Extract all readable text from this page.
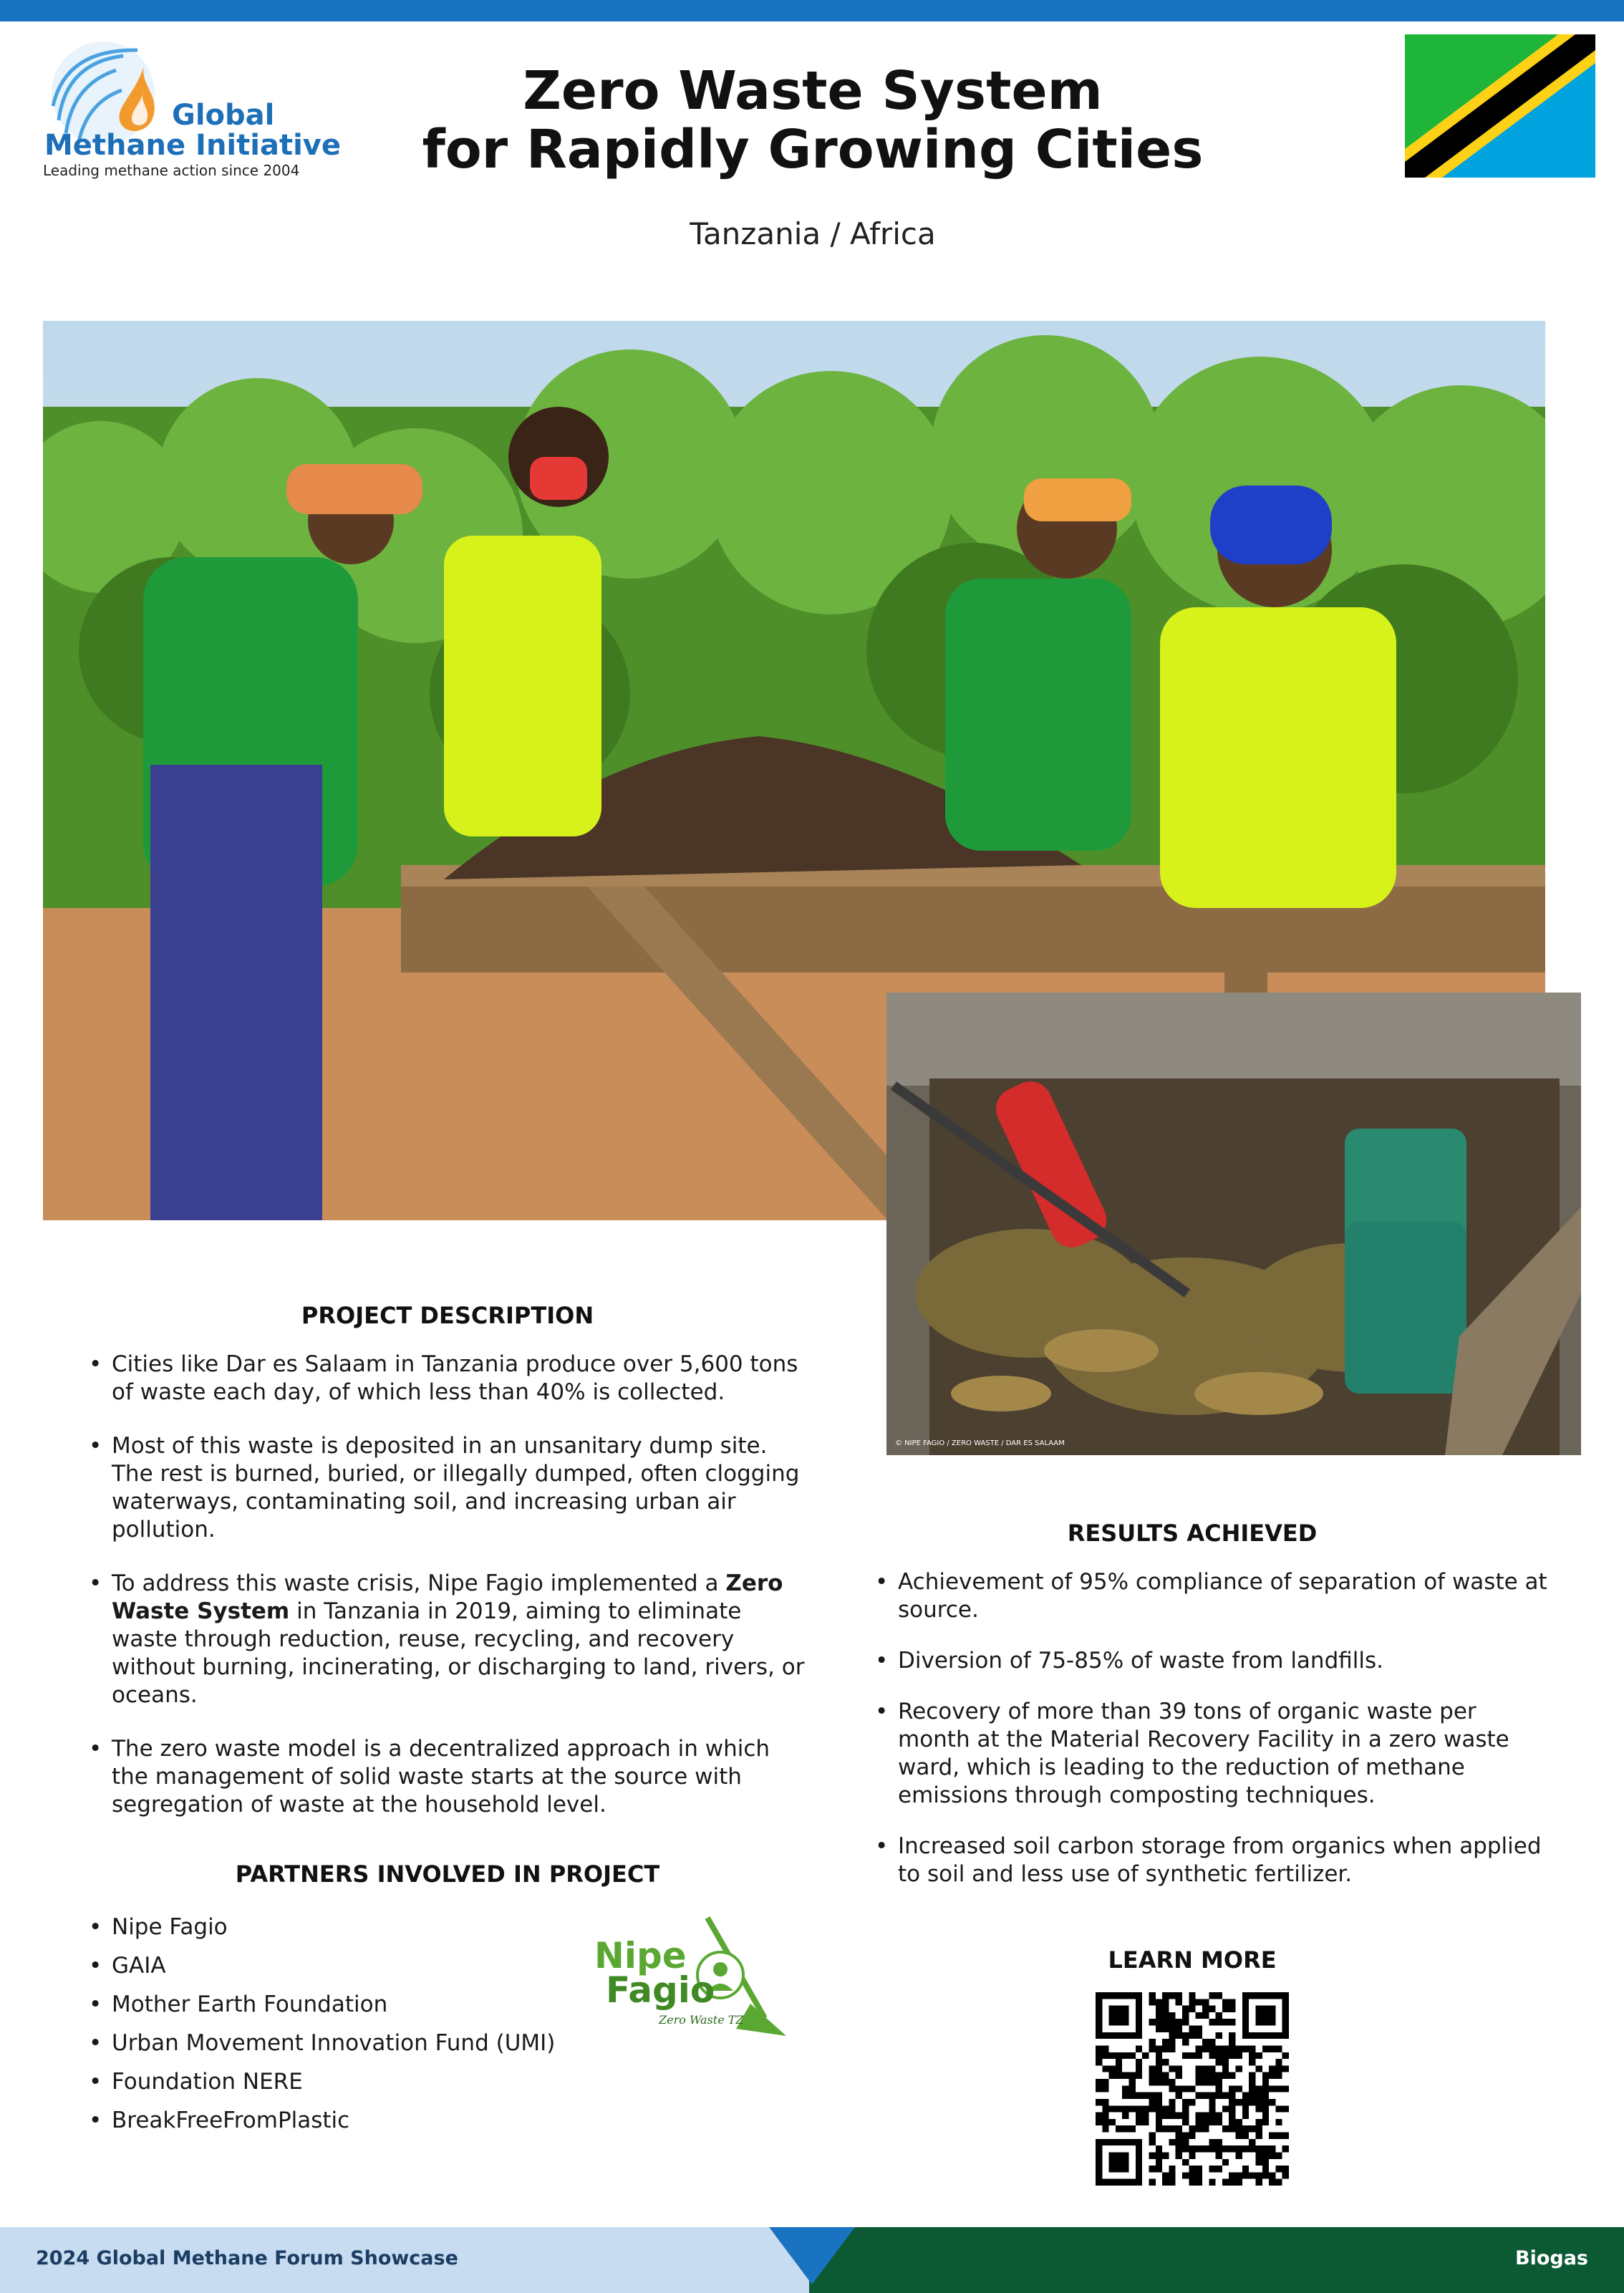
Global
Methane Initiative
Leading methane action since 2004
Zero Waste System
for Rapidly Growing Cities
Tanzania / Africa
© NIPE FAGIO / ZERO WASTE / DAR ES SALAAM
PROJECT DESCRIPTION
• Cities like Dar es Salaam in Tanzania produce over 5,600 tons of waste each day, of which less than 40% is collected.
• Most of this waste is deposited in an unsanitary dump site. The rest is burned, buried, or illegally dumped, often clogging waterways, contaminating soil, and increasing urban air pollution.
• To address this waste crisis, Nipe Fagio implemented a Zero Waste System in Tanzania in 2019, aiming to eliminate waste through reduction, reuse, recycling, and recovery without burning, incinerating, or discharging to land, rivers, or oceans.
• The zero waste model is a decentralized approach in which the management of solid waste starts at the source with segregation of waste at the household level.
RESULTS ACHIEVED
• Achievement of 95% compliance of separation of waste at source.
• Diversion of 75-85% of waste from landfills.
• Recovery of more than 39 tons of organic waste per month at the Material Recovery Facility in a zero waste ward, which is leading to the reduction of methane emissions through composting techniques.
• Increased soil carbon storage from organics when applied to soil and less use of synthetic fertilizer.
PARTNERS INVOLVED IN PROJECT
• Nipe Fagio
• GAIA
• Mother Earth Foundation
• Urban Movement Innovation Fund (UMI)
• Foundation NERE
• BreakFreeFromPlastic
Nipe
Fagio
Zero Waste TZ
LEARN MORE
2024 Global Methane Forum Showcase	Biogas
